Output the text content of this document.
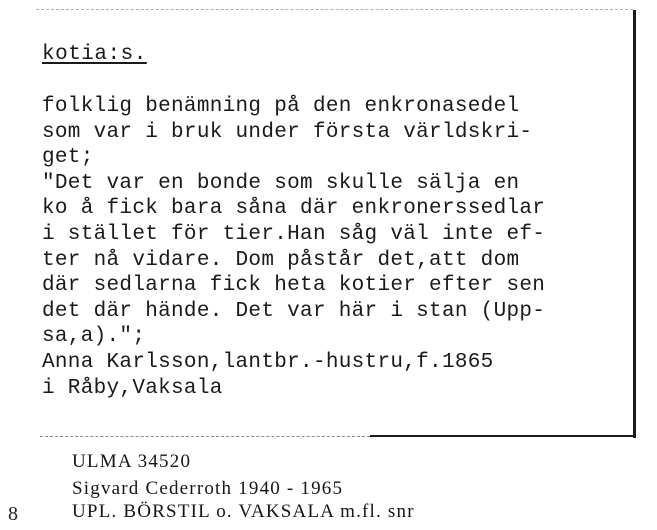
kotia:s.
folklig benämning på den enkronasedel
som var i bruk under första världskri-
get;
"Det var en bonde som skulle sälja en
ko å fick bara såna där enkronerssedlar
i stället för tier.Han såg väl inte ef-
ter nå vidare. Dom påstår det,att dom
där sedlarna fick heta kotier efter sen
det där hände. Det var här i stan (Upp-
sa,a).";
Anna Karlsson,lantbr.-hustru,f.1865
i Råby,Vaksala
ULMA 34520
Sigvard Cederroth 1940 - 1965
UPL. BÖRSTIL o. VAKSALA m.fl. snr
8
